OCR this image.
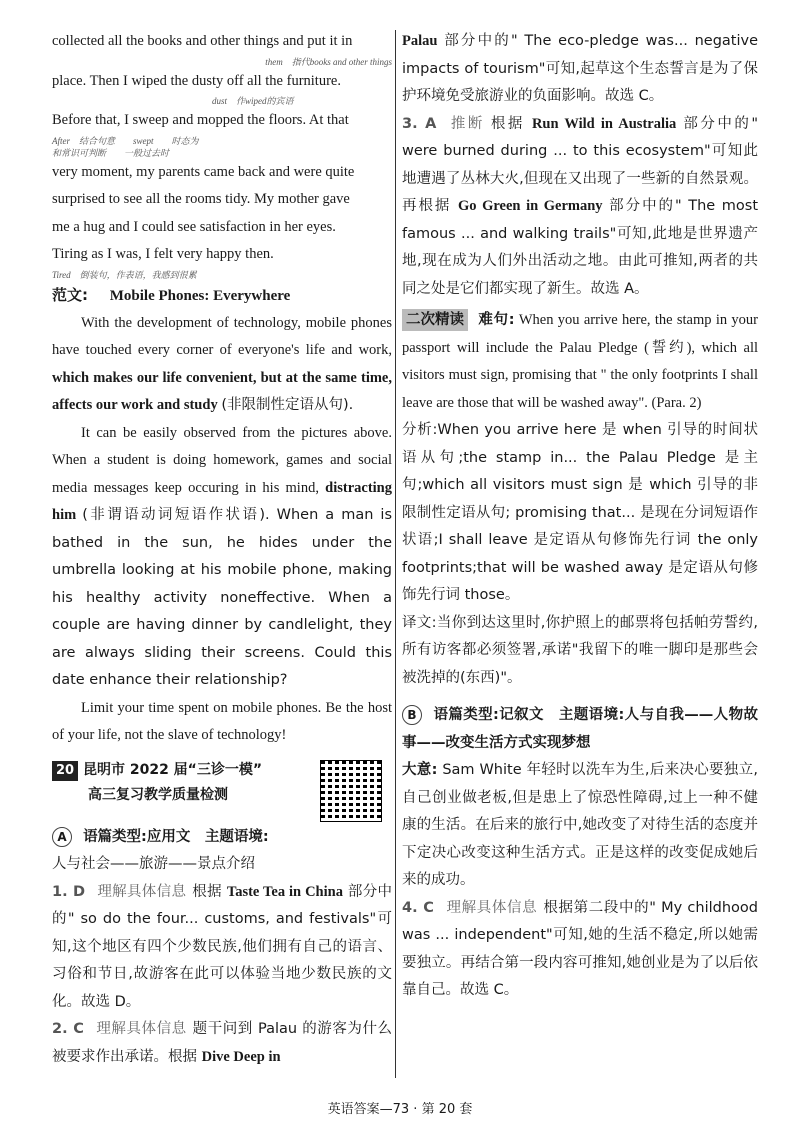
collected all the books and other things and put it in

them　指代books and other things

place. Then I wiped the dusty off all the furniture.

dust　作wiped的宾语

Before that, I sweep and mopped the floors. At that

After　结合句意　　swept　　时态为

和常识可判断　　一般过去时

very moment, my parents came back and were quite

surprised to see all the rooms tidy. My mother gave

me a hug and I could see satisfaction in her eyes.

Tiring as I was, I felt very happy then.

Tired　倒装句，作表语，我感到很累

范文: Mobile Phones: Everywhere

With the development of technology, mobile phones have touched every corner of everyone's life and work, which makes our life convenient, but at the same time, affects our work and study (非限制性定语从句).

It can be easily observed from the pictures above. When a student is doing homework, games and social media messages keep occuring in his mind, distracting him (非谓语动词短语作状语). When a man is bathed in the sun, he hides under the umbrella looking at his mobile phone, making his healthy activity noneffective. When a couple are having dinner by candlelight, they are always sliding their screens. Could this date enhance their relationship?

Limit your time spent on mobile phones. Be the host of your life, not the slave of technology!

20 昆明市 2022 届“三诊一模”
高三复习教学质量检测

A 语篇类型:应用文　主题语境:

人与社会——旅游——景点介绍

1. D 理解具体信息 根据 Taste Tea in China 部分中的" so do the four... customs, and festivals"可知,这个地区有四个少数民族,他们拥有自己的语言、习俗和节日,故游客在此可以体验当地少数民族的文化。故选 D。

2. C 理解具体信息 题干问到 Palau 的游客为什么被要求作出承诺。根据 Dive Deep in

Palau 部分中的" The eco-pledge was... negative impacts of tourism"可知,起草这个生态誓言是为了保护环境免受旅游业的负面影响。故选 C。

3. A 推断 根据 Run Wild in Australia 部分中的" were burned during ... to this ecosystem"可知此地遭遇了丛林大火,但现在又出现了一些新的自然景观。再根据 Go Green in Germany 部分中的" The most famous ... and walking trails"可知,此地是世界遗产地,现在成为人们外出活动之地。由此可推知,两者的共同之处是它们都实现了新生。故选 A。

二次精读 难句: When you arrive here, the stamp in your passport will include the Palau Pledge (誓约), which all visitors must sign, promising that " the only footprints I shall leave are those that will be washed away". (Para. 2)

分析:When you arrive here 是 when 引导的时间状语从句;the stamp in... the Palau Pledge 是主句;which all visitors must sign 是 which 引导的非限制性定语从句; promising that... 是现在分词短语作状语;I shall leave 是定语从句修饰先行词 the only footprints;that will be washed away 是定语从句修饰先行词 those。

译文:当你到达这里时,你护照上的邮票将包括帕劳誓约,所有访客都必须签署,承诺"我留下的唯一脚印是那些会被洗掉的(东西)"。

B 语篇类型:记叙文　主题语境:人与自我——人物故事——改变生活方式实现梦想

大意: Sam White 年轻时以洗车为生,后来决心要独立,自己创业做老板,但是患上了惊恐性障碍,过上一种不健康的生活。在后来的旅行中,她改变了对待生活的态度并下定决心改变这种生活方式。正是这样的改变促成她后来的成功。

4. C 理解具体信息 根据第二段中的" My childhood was ... independent"可知,她的生活不稳定,所以她需要独立。再结合第一段内容可推知,她创业是为了以后依靠自己。故选 C。

英语答案—73 · 第 20 套
